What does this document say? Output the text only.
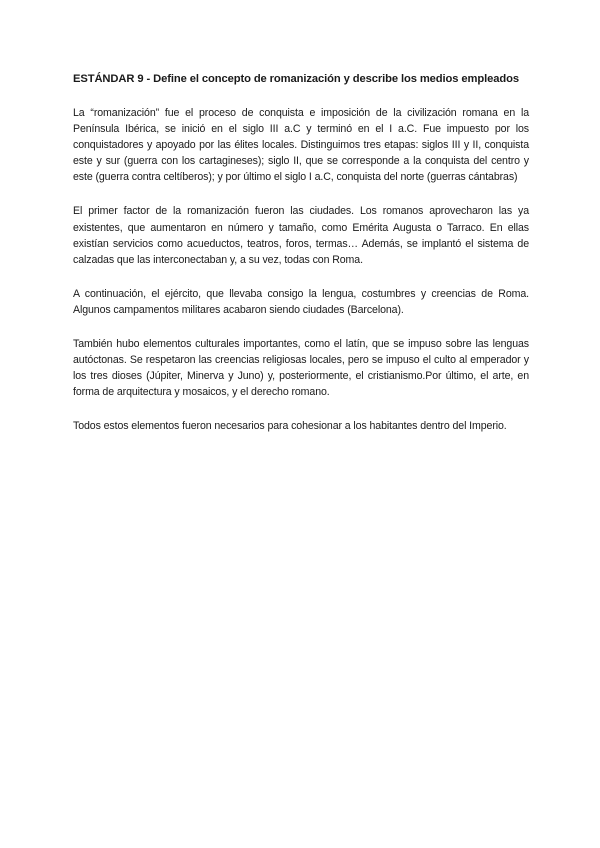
ESTÁNDAR 9 - Define el concepto de romanización y describe los medios empleados

La “romanización” fue el proceso de conquista e imposición de la civilización romana en la Península Ibérica, se inició en el siglo III a.C y terminó en el I a.C. Fue impuesto por los conquistadores y apoyado por las élites locales. Distinguimos tres etapas: siglos III y II, conquista este y sur (guerra con los cartagineses); siglo II, que se corresponde a la conquista del centro y este (guerra contra celtíberos); y por último el siglo I a.C, conquista del norte (guerras cántabras)

El primer factor de la romanización fueron las ciudades. Los romanos aprovecharon las ya existentes, que aumentaron en número y tamaño, como Emérita Augusta o Tarraco. En ellas existían servicios como acueductos, teatros, foros, termas… Además, se implantó el sistema de calzadas que las interconectaban y, a su vez, todas con Roma.

A continuación, el ejército, que llevaba consigo la lengua, costumbres y creencias de Roma. Algunos campamentos militares acabaron siendo ciudades (Barcelona).

También hubo elementos culturales importantes, como el latín, que se impuso sobre las lenguas autóctonas. Se respetaron las creencias religiosas locales, pero se impuso el culto al emperador y los tres dioses (Júpiter, Minerva y Juno) y, posteriormente, el cristianismo.Por último, el arte, en forma de arquitectura y mosaicos, y el derecho romano.

Todos estos elementos fueron necesarios para cohesionar a los habitantes dentro del Imperio.
